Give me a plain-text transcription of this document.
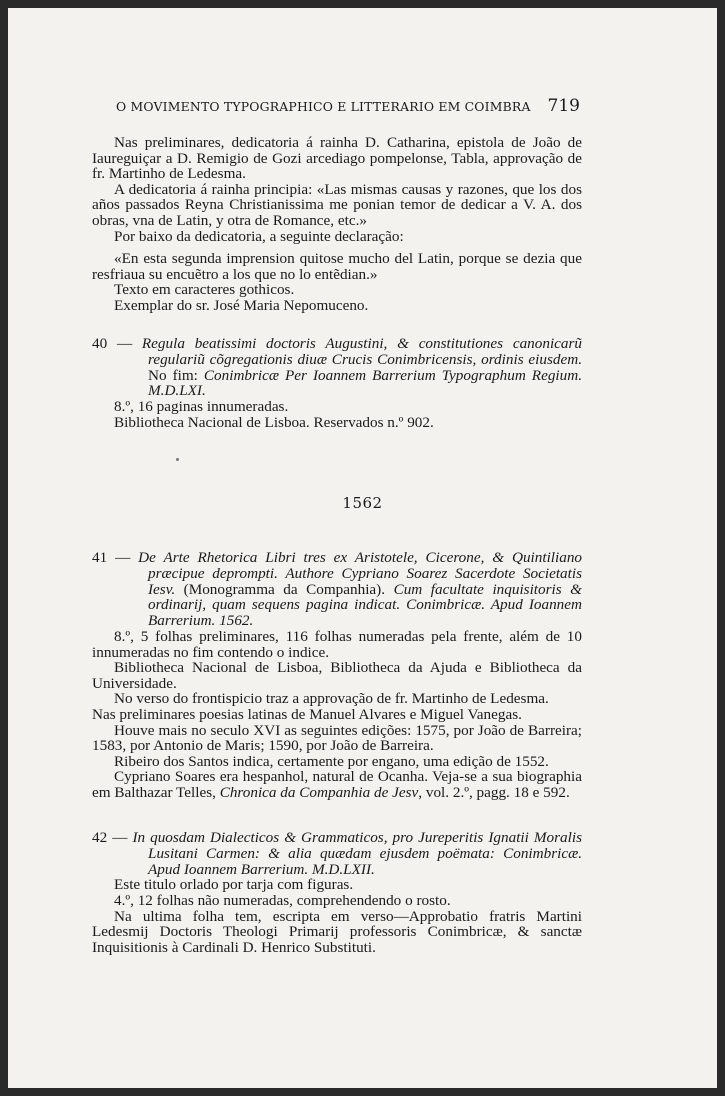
O MOVIMENTO TYPOGRAPHICO E LITTERARIO EM COIMBRA 719

Nas preliminares, dedicatoria á rainha D. Catharina, epistola de João de Iaureguiçar a D. Remigio de Gozi arcediago pompelonse, Tabla, approvação de fr. Martinho de Ledesma.

A dedicatoria á rainha principia: «Las mismas causas y razones, que los dos años passados Reyna Christianissima me ponian temor de dedicar a V. A. dos obras, vna de Latin, y otra de Romance, etc.»

Por baixo da dedicatoria, a seguinte declaração:

«En esta segunda imprension quitose mucho del Latin, porque se dezia que resfriaua su encuẽtro a los que no lo entẽdian.»

Texto em caracteres gothicos.

Exemplar do sr. José Maria Nepomuceno.

40 — Regula beatissimi doctoris Augustini, & constitutiones canonicarũ regulariũ cõgregationis diuæ Crucis Conimbricensis, ordinis eiusdem. No fim: Conimbricæ Per Ioannem Barrerium Typographum Regium. M.D.LXI.

8.º, 16 paginas innumeradas.

Bibliotheca Nacional de Lisboa. Reservados n.º 902.

1562

41 — De Arte Rhetorica Libri tres ex Aristotele, Cicerone, & Quintiliano præcipue deprompti. Authore Cypriano Soarez Sacerdote Societatis Iesv. (Monogramma da Companhia). Cum facultate inquisitoris & ordinarij, quam sequens pagina indicat. Conimbricæ. Apud Ioannem Barrerium. 1562.

8.º, 5 folhas preliminares, 116 folhas numeradas pela frente, além de 10 innumeradas no fim contendo o indice.

Bibliotheca Nacional de Lisboa, Bibliotheca da Ajuda e Bibliotheca da Universidade.

No verso do frontispicio traz a approvação de fr. Martinho de Ledesma.

Nas preliminares poesias latinas de Manuel Alvares e Miguel Vanegas.

Houve mais no seculo XVI as seguintes edições: 1575, por João de Barreira; 1583, por Antonio de Maris; 1590, por João de Barreira.

Ribeiro dos Santos indica, certamente por engano, uma edição de 1552.

Cypriano Soares era hespanhol, natural de Ocanha. Veja-se a sua biographia em Balthazar Telles, Chronica da Companhia de Jesv, vol. 2.º, pagg. 18 e 592.

42 — In quosdam Dialecticos & Grammaticos, pro Jureperitis Ignatii Moralis Lusitani Carmen: & alia quædam ejusdem poëmata: Conimbricæ. Apud Ioannem Barrerium. M.D.LXII.

Este titulo orlado por tarja com figuras.

4.º, 12 folhas não numeradas, comprehendendo o rosto.

Na ultima folha tem, escripta em verso—Approbatio fratris Martini Ledesmij Doctoris Theologi Primarij professoris Conimbricæ, & sanctæ Inquisitionis à Cardinali D. Henrico Substituti.
